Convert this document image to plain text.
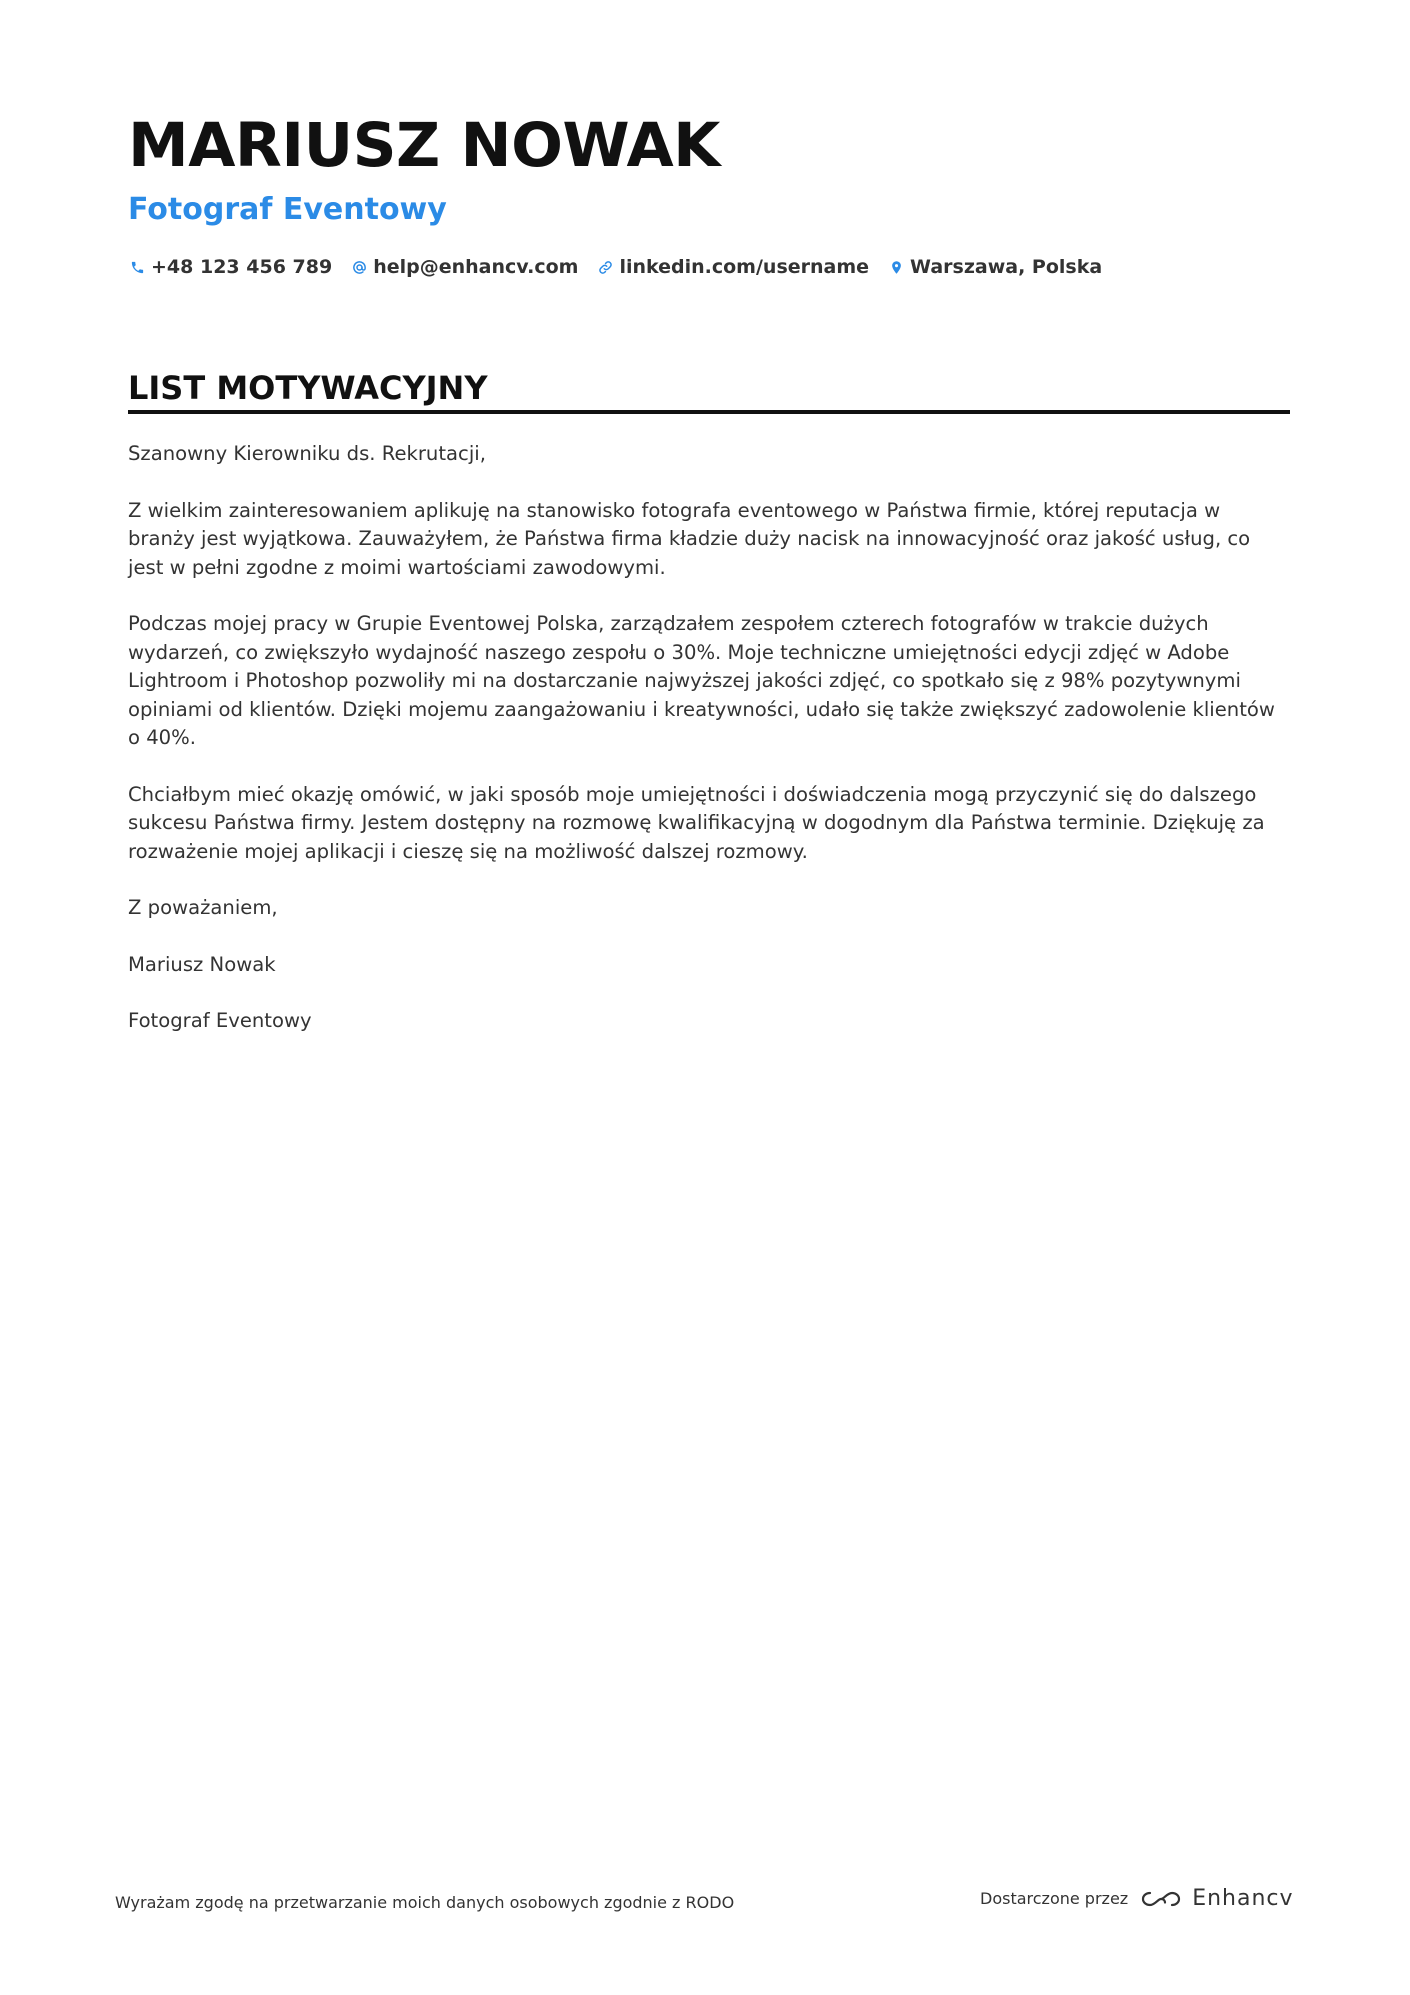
MARIUSZ NOWAK
Fotograf Eventowy
+48 123 456 789 help@enhancv.com linkedin.com/username Warszawa, Polska
LIST MOTYWACYJNY

Szanowny Kierowniku ds. Rekrutacji,

Z wielkim zainteresowaniem aplikuję na stanowisko fotografa eventowego w Państwa firmie, której reputacja w branży jest wyjątkowa. Zauważyłem, że Państwa firma kładzie duży nacisk na innowacyjność oraz jakość usług, co jest w pełni zgodne z moimi wartościami zawodowymi.

Podczas mojej pracy w Grupie Eventowej Polska, zarządzałem zespołem czterech fotografów w trakcie dużych wydarzeń, co zwiększyło wydajność naszego zespołu o 30%. Moje techniczne umiejętności edycji zdjęć w Adobe Lightroom i Photoshop pozwoliły mi na dostarczanie najwyższej jakości zdjęć, co spotkało się z 98% pozytywnymi opiniami od klientów. Dzięki mojemu zaangażowaniu i kreatywności, udało się także zwiększyć zadowolenie klientów o 40%.

Chciałbym mieć okazję omówić, w jaki sposób moje umiejętności i doświadczenia mogą przyczynić się do dalszego sukcesu Państwa firmy. Jestem dostępny na rozmowę kwalifikacyjną w dogodnym dla Państwa terminie. Dziękuję za rozważenie mojej aplikacji i cieszę się na możliwość dalszej rozmowy.

Z poważaniem,

Mariusz Nowak

Fotograf Eventowy

Wyrażam zgodę na przetwarzanie moich danych osobowych zgodnie z RODO	Dostarczone przez	Enhancv
